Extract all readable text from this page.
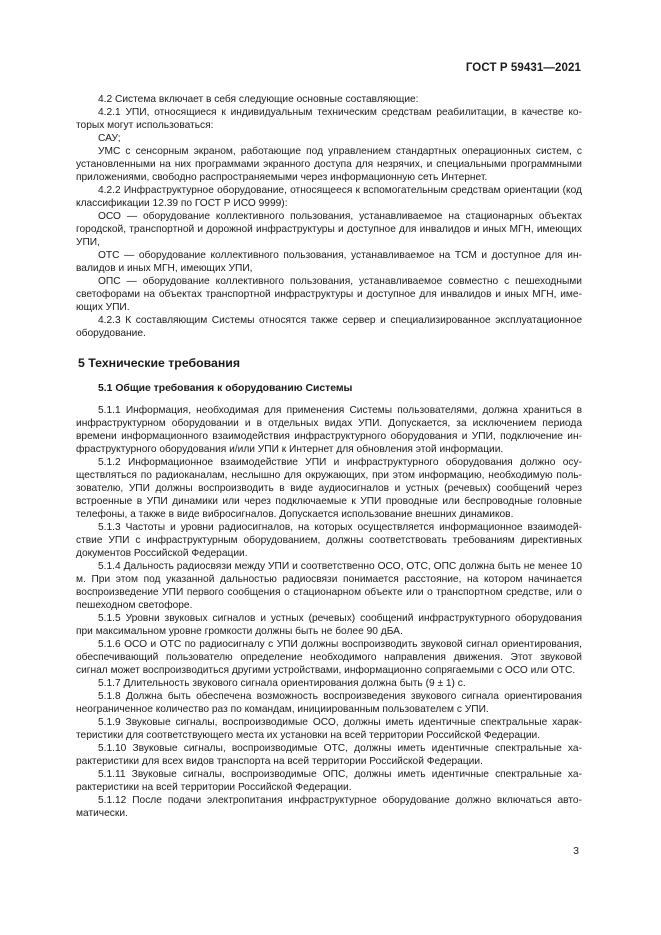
ГОСТ Р 59431—2021

4.2 Система включает в себя следующие основные составляющие:

4.2.1 УПИ, относящиеся к индивидуальным техническим средствам реабилитации, в качестве которых могут использоваться:

САУ;

УМС с сенсорным экраном, работающие под управлением стандартных операционных систем, с установленными на них программами экранного доступа для незрячих, и специальными программными приложениями, свободно распространяемыми через информационную сеть Интернет.

4.2.2 Инфраструктурное оборудование, относящееся к вспомогательным средствам ориентации (код классификации 12.39 по ГОСТ Р ИСО 9999):

ОСО — оборудование коллективного пользования, устанавливаемое на стационарных объектах городской, транспортной и дорожной инфраструктуры и доступное для инвалидов и иных МГН, имеющих УПИ,

ОТС — оборудование коллективного пользования, устанавливаемое на ТСМ и доступное для инвалидов и иных МГН, имеющих УПИ,

ОПС — оборудование коллективного пользования, устанавливаемое совместно с пешеходными светофорами на объектах транспортной инфраструктуры и доступное для инвалидов и иных МГН, имеющих УПИ.

4.2.3 К составляющим Системы относятся также сервер и специализированное эксплуатационное оборудование.

5 Технические требования
5.1 Общие требования к оборудованию Системы

5.1.1 Информация, необходимая для применения Системы пользователями, должна храниться в инфраструктурном оборудовании и в отдельных видах УПИ. Допускается, за исключением периода времени информационного взаимодействия инфраструктурного оборудования и УПИ, подключение инфраструктурного оборудования и/или УПИ к Интернет для обновления этой информации.

5.1.2 Информационное взаимодействие УПИ и инфраструктурного оборудования должно осуществляться по радиоканалам, неслышно для окружающих, при этом информацию, необходимую пользователю, УПИ должны воспроизводить в виде аудиосигналов и устных (речевых) сообщений через встроенные в УПИ динамики или через подключаемые к УПИ проводные или беспроводные головные телефоны, а также в виде вибросигналов. Допускается использование внешних динамиков.

5.1.3 Частоты и уровни радиосигналов, на которых осуществляется информационное взаимодействие УПИ с инфраструктурным оборудованием, должны соответствовать требованиям директивных документов Российской Федерации.

5.1.4 Дальность радиосвязи между УПИ и соответственно ОСО, ОТС, ОПС должна быть не менее 10 м. При этом под указанной дальностью радиосвязи понимается расстояние, на котором начинается воспроизведение УПИ первого сообщения о стационарном объекте или о транспортном средстве, или о пешеходном светофоре.

5.1.5 Уровни звуковых сигналов и устных (речевых) сообщений инфраструктурного оборудования при максимальном уровне громкости должны быть не более 90 дБА.

5.1.6 ОСО и ОТС по радиосигналу с УПИ должны воспроизводить звуковой сигнал ориентирования, обеспечивающий пользователю определение необходимого направления движения. Этот звуковой сигнал может воспроизводиться другими устройствами, информационно сопрягаемыми с ОСО или ОТС.

5.1.7 Длительность звукового сигнала ориентирования должна быть (9 ± 1) с.

5.1.8 Должна быть обеспечена возможность воспроизведения звукового сигнала ориентирования неограниченное количество раз по командам, инициированным пользователем с УПИ.

5.1.9 Звуковые сигналы, воспроизводимые ОСО, должны иметь идентичные спектральные характеристики для соответствующего места их установки на всей территории Российской Федерации.

5.1.10 Звуковые сигналы, воспроизводимые ОТС, должны иметь идентичные спектральные характеристики для всех видов транспорта на всей территории Российской Федерации.

5.1.11 Звуковые сигналы, воспроизводимые ОПС, должны иметь идентичные спектральные характеристики на всей территории Российской Федерации.

5.1.12 После подачи электропитания инфраструктурное оборудование должно включаться автоматически.

3
